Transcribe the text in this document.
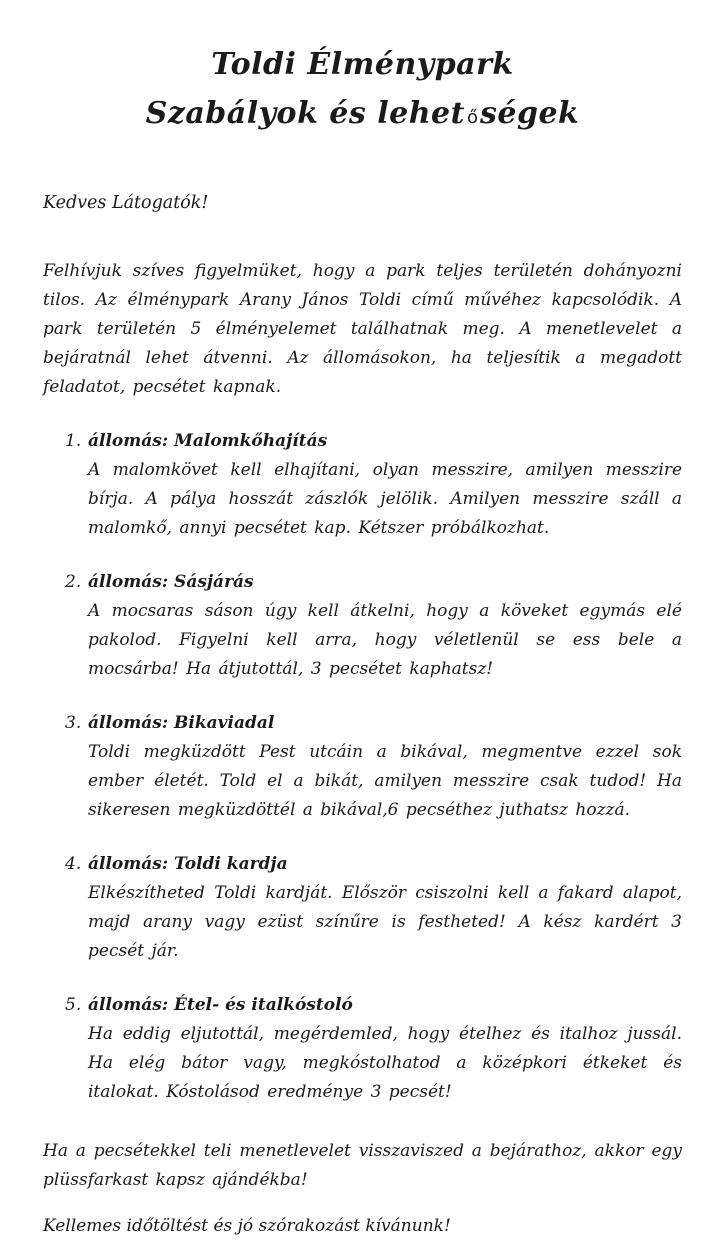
Toldi Élménypark
Szabályok és lehet őségek

Kedves Látogatók!

Felhívjuk szíves figyelmüket, hogy a park teljes területén dohányozni tilos. Az élménypark Arany János Toldi című művéhez kapcsolódik. A park területén 5 élményelemet találhatnak meg. A menetlevelet a bejáratnál lehet átvenni. Az állomásokon, ha teljesítik a megadott feladatot, pecsétet kapnak.

1. állomás: Malomkőhajítás
A malomkövet kell elhajítani, olyan messzire, amilyen messzire bírja. A pálya hosszát zászlók jelölik. Amilyen messzire száll a malomkő, annyi pecsétet kap. Kétszer próbálkozhat.
2. állomás: Sásjárás
A mocsaras sáson úgy kell átkelni, hogy a köveket egymás elé pakolod. Figyelni kell arra, hogy véletlenül se ess bele a mocsárba! Ha átjutottál, 3 pecsétet kaphatsz!
3. állomás: Bikaviadal
Toldi megküzdött Pest utcáin a bikával, megmentve ezzel sok ember életét. Told el a bikát, amilyen messzire csak tudod! Ha sikeresen megküzdöttél a bikával,6 pecséthez juthatsz hozzá.
4. állomás: Toldi kardja
Elkészítheted Toldi kardját. Először csiszolni kell a fakard alapot, majd arany vagy ezüst színűre is festheted! A kész kardért 3 pecsét jár.
5. állomás: Étel- és italkóstoló
Ha eddig eljutottál, megérdemled, hogy ételhez és italhoz jussál. Ha elég bátor vagy, megkóstolhatod a középkori étkeket és italokat. Kóstolásod eredménye 3 pecsét!

Ha a pecsétekkel teli menetlevelet visszaviszed a bejárathoz, akkor egy plüssfarkast kapsz ajándékba!

Kellemes időtöltést és jó szórakozást kívánunk!
